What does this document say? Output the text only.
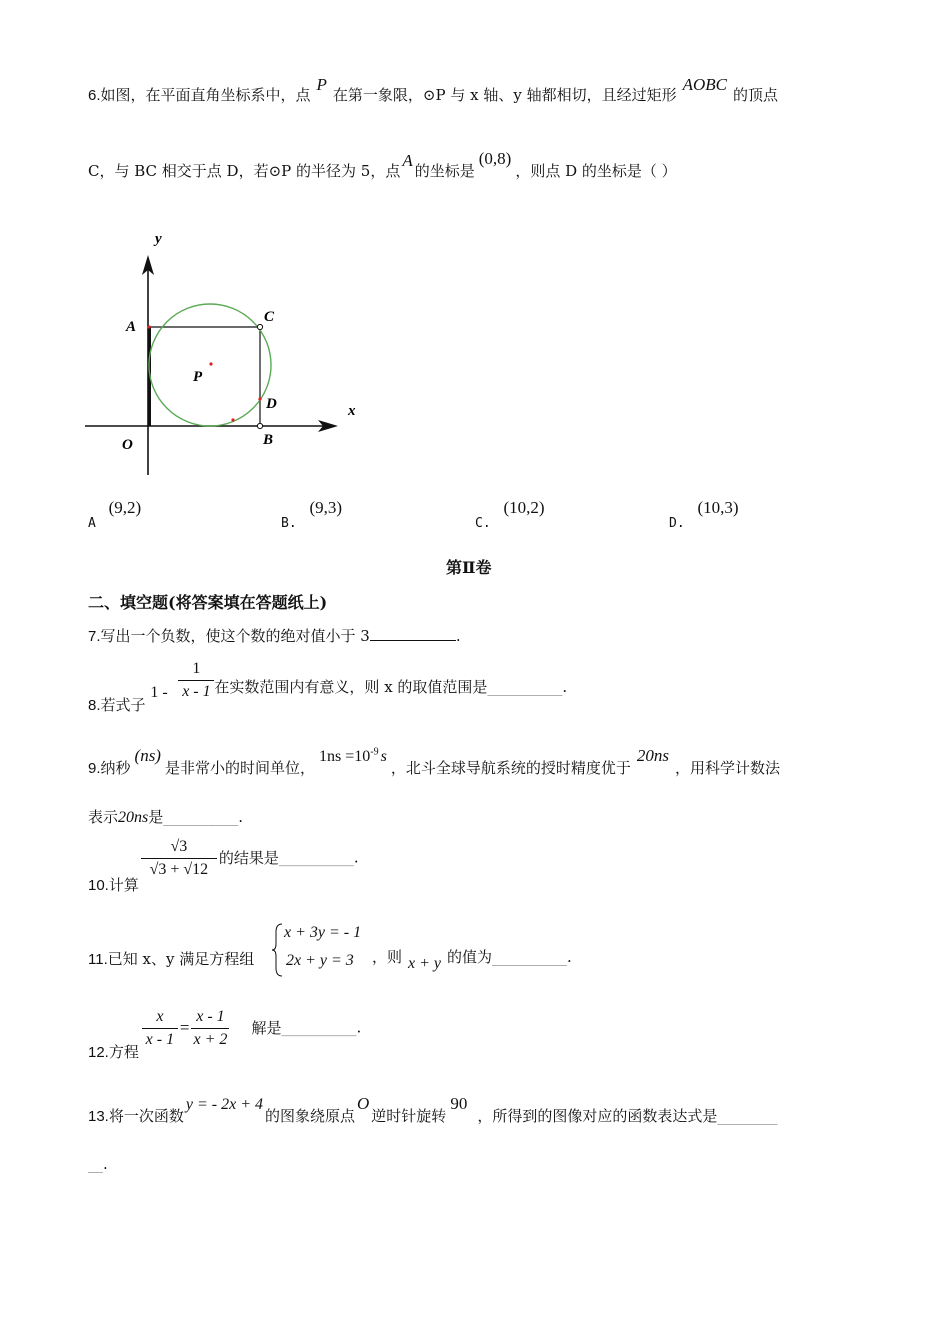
6.如图，在平面直角坐标系中，点P在第一象限，⊙P 与 x 轴、y 轴都相切，且经过矩形AOBC的顶点
C，与 BC 相交于点 D，若⊙P 的半径为 5，点A的坐标是(0,8)，则点 D 的坐标是（ ）
y
x
A
C
P
D
O	B
A (9,2)
B. (9,3)
C. (10,2)
D. (10,3)
第Ⅱ卷
二、填空题(将答案填在答题纸上)
7.写出一个负数，使这个数的绝对值小于 3	.
8.若式子 $1 - \frac{1}{x - 1}$ 在实数范围内有意义，则 x 的取值范围是__________.
9.纳秒(ns)是非常小的时间单位，$1ns =10^{-9}$ s，北斗全球导航系统的授时精度优于20ns，用科学计数法
表示20ns是__________.
10.计算
$\frac{√3}{√3 + √12}$ 的结果是__________.
11.已知 x、y 满足方程组
x + 3y = - 1
2x + y = 3 ，则 x + y 的值为__________.
12.方程
$\frac{x}{x - 1} = \frac{x - 1}{x + 2}$ 解是__________.
13.将一次函数y = - 2x + 4的图象绕原点O逆时针旋转90，所得到的图像对应的函数表达式是________
__.
